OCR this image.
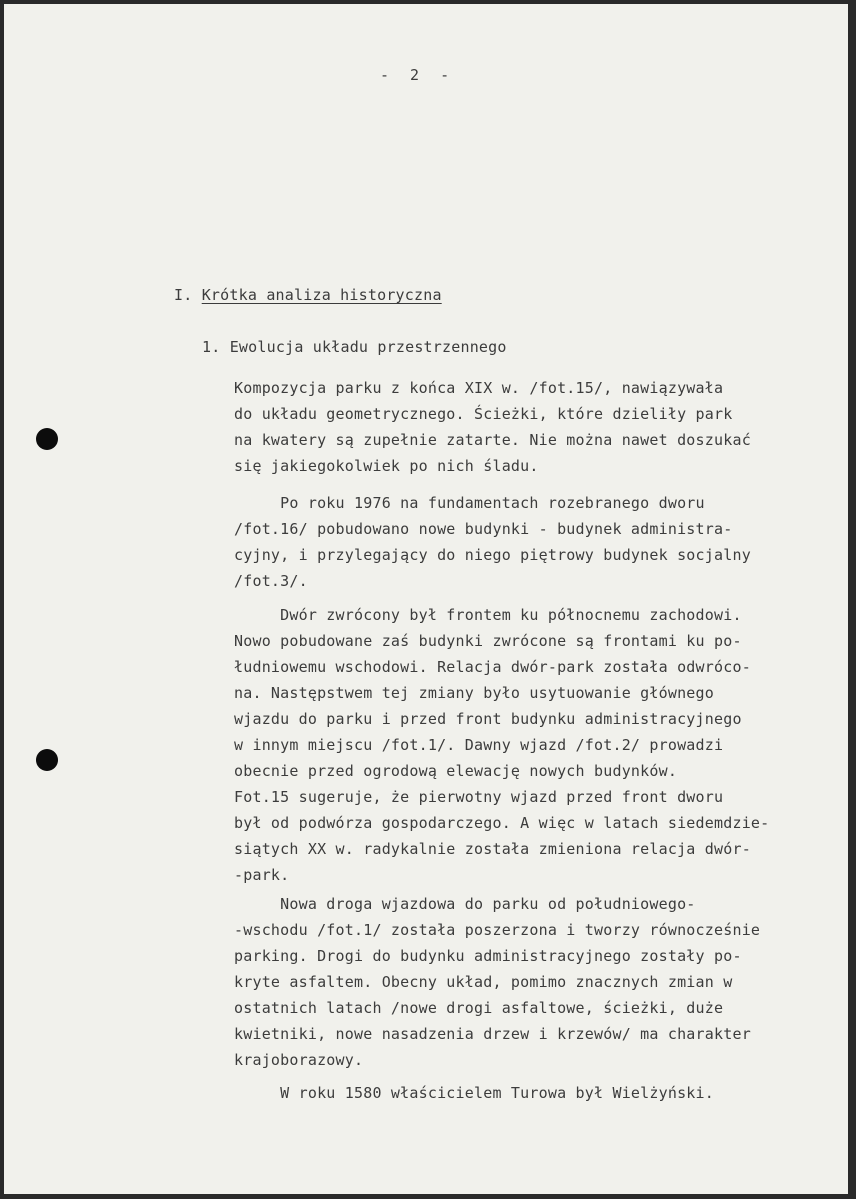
- 2 -
I. Krótka analiza historyczna
1. Ewolucja układu przestrzennego
Kompozycja parku z końca XIX w. /fot.15/, nawiązywała
do układu geometrycznego. Ścieżki, które dzieliły park
na kwatery są zupełnie zatarte. Nie można nawet doszukać
się jakiegokolwiek po nich śladu.
Po roku 1976 na fundamentach rozebranego dworu
/fot.16/ pobudowano nowe budynki - budynek administra-
cyjny, i przylegający do niego piętrowy budynek socjalny
/fot.3/.
Dwór zwrócony był frontem ku północnemu zachodowi.
Nowo pobudowane zaś budynki zwrócone są frontami ku po-
łudniowemu wschodowi. Relacja dwór-park została odwróco-
na. Następstwem tej zmiany było usytuowanie głównego
wjazdu do parku i przed front budynku administracyjnego
w innym miejscu /fot.1/. Dawny wjazd /fot.2/ prowadzi
obecnie przed ogrodową elewację nowych budynków.
Fot.15 sugeruje, że pierwotny wjazd przed front dworu
był od podwórza gospodarczego. A więc w latach siedemdzie-
siątych XX w. radykalnie została zmieniona relacja dwór-
-park.
Nowa droga wjazdowa do parku od południowego-
-wschodu /fot.1/ została poszerzona i tworzy równocześnie
parking. Drogi do budynku administracyjnego zostały po-
kryte asfaltem. Obecny układ, pomimo znacznych zmian w
ostatnich latach /nowe drogi asfaltowe, ścieżki, duże
kwietniki, nowe nasadzenia drzew i krzewów/ ma charakter
krajoborazowy.
W roku 1580 właścicielem Turowa był Wielżyński.
